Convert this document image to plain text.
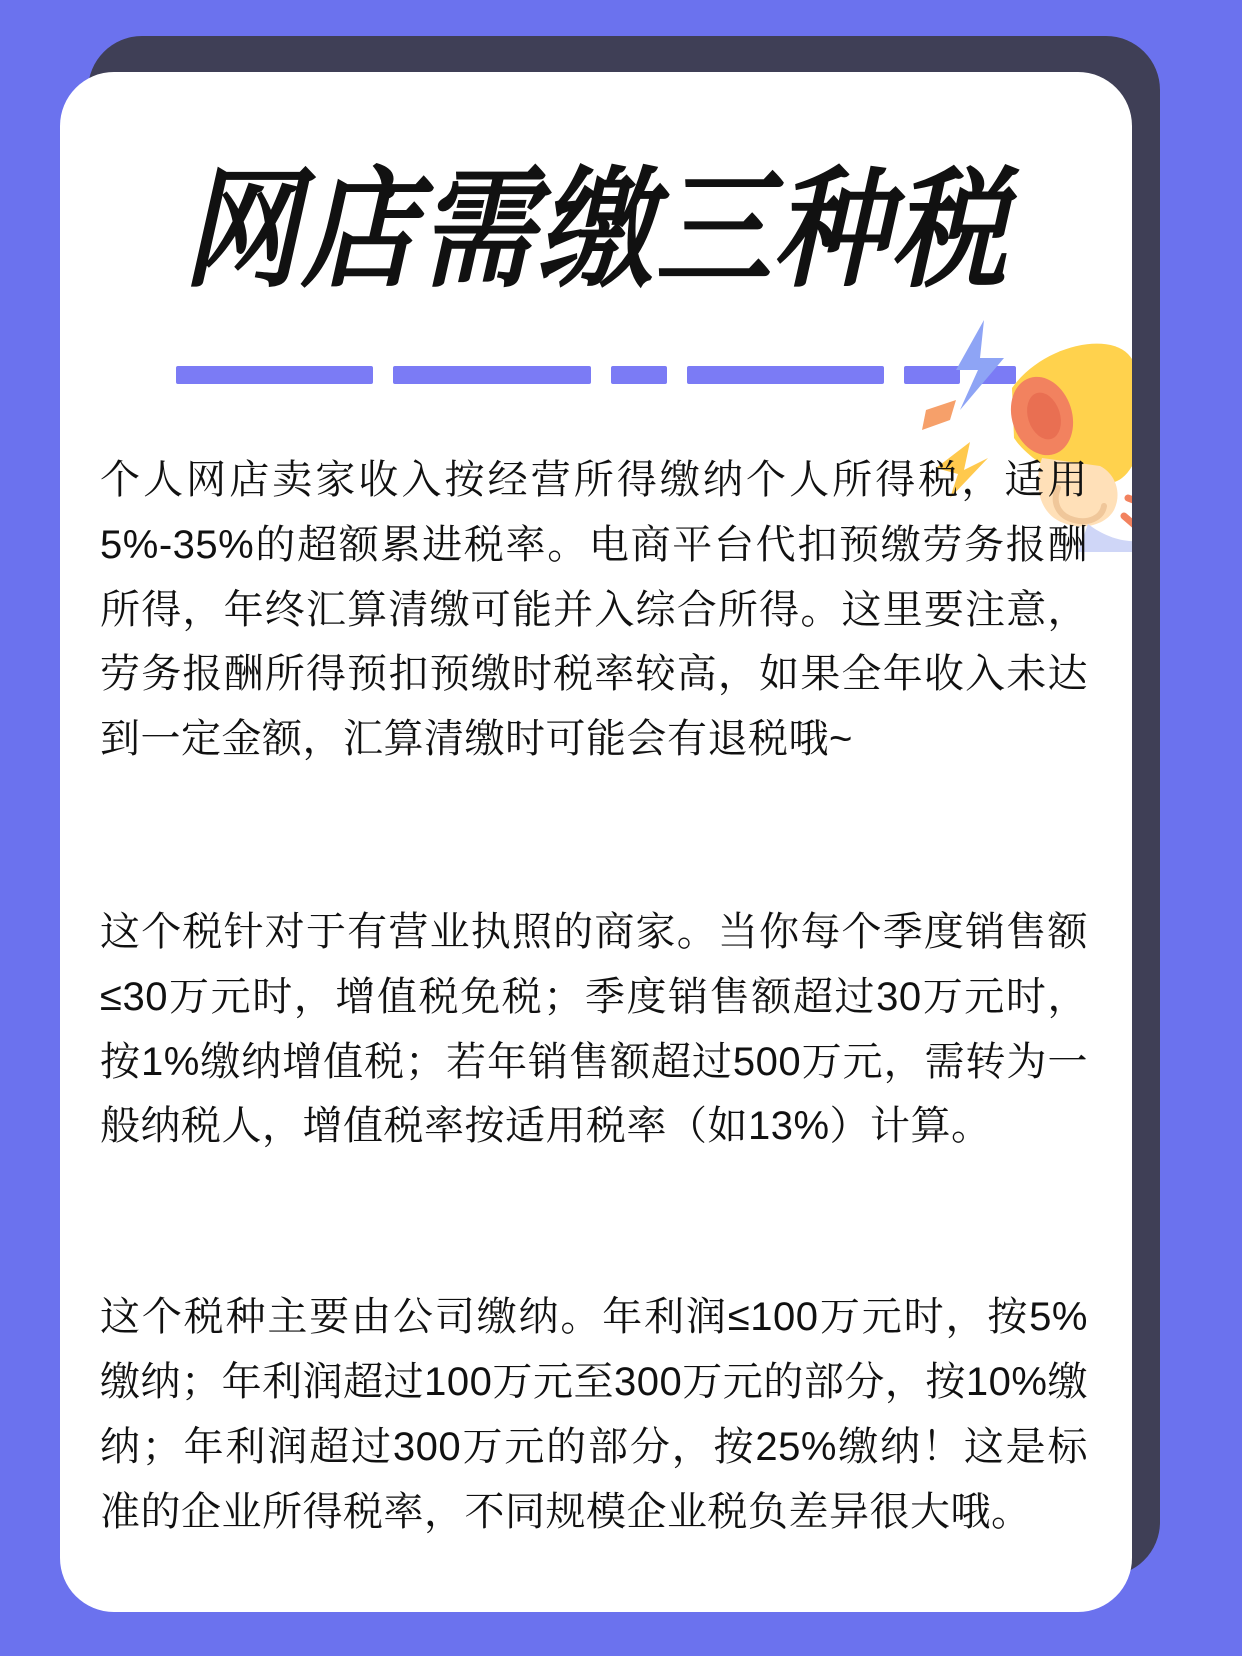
网店需缴三种税

个人网店卖家收入按经营所得缴纳个人所得税，适用5%‑35%的超额累进税率。电商平台代扣预缴劳务报酬所得，年终汇算清缴可能并入综合所得。这里要注意，劳务报酬所得预扣预缴时税率较高，如果全年收入未达到一定金额，汇算清缴时可能会有退税哦~

这个税针对于有营业执照的商家。当你每个季度销售额≤30万元时，增值税免税；季度销售额超过30万元时，按1%缴纳增值税；若年销售额超过500万元，需转为一般纳税人，增值税率按适用税率（如13%）计算。

这个税种主要由公司缴纳。年利润≤100万元时，按5%缴纳；年利润超过100万元至300万元的部分，按10%缴纳；年利润超过300万元的部分，按25%缴纳！这是标准的企业所得税率，不同规模企业税负差异很大哦。
